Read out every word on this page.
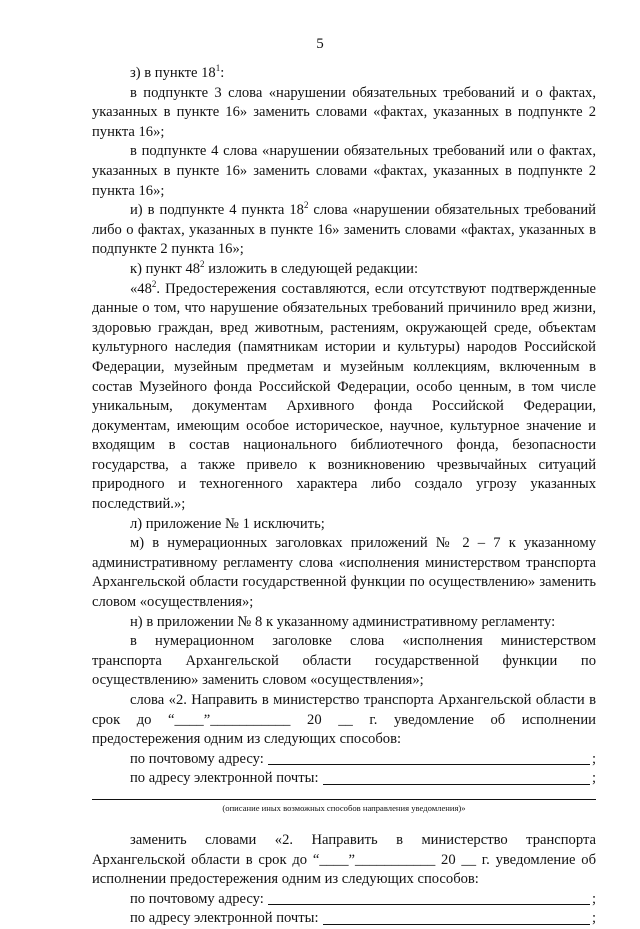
5

з) в пункте $18^1$:

в подпункте 3 слова «нарушении обязательных требований и о фактах, указанных в пункте 16» заменить словами «фактах, указанных в подпункте 2 пункта 16»;

в подпункте 4 слова «нарушении обязательных требований или о фактах, указанных в пункте 16» заменить словами «фактах, указанных в подпункте 2 пункта 16»;

и) в подпункте 4 пункта $18^2$ слова «нарушении обязательных требований либо о фактах, указанных в пункте 16» заменить словами «фактах, указанных в подпункте 2 пункта 16»;

к) пункт $48^2$ изложить в следующей редакции:

«$48^2$. Предостережения составляются, если отсутствуют подтвержденные данные о том, что нарушение обязательных требований причинило вред жизни, здоровью граждан, вред животным, растениям, окружающей среде, объектам культурного наследия (памятникам истории и культуры) народов Российской Федерации, музейным предметам и музейным коллекциям, включенным в состав Музейного фонда Российской Федерации, особо ценным, в том числе уникальным, документам Архивного фонда Российской Федерации, документам, имеющим особое историческое, научное, культурное значение и входящим в состав национального библиотечного фонда, безопасности государства, а также привело к возникновению чрезвычайных ситуаций природного и техногенного характера либо создало угрозу указанных последствий.»;

л) приложение № 1 исключить;

м) в нумерационных заголовках приложений № 2 – 7 к указанному административному регламенту слова «исполнения министерством транспорта Архангельской области государственной функции по осуществлению» заменить словом «осуществления»;

н) в приложении № 8 к указанному административному регламенту:

в нумерационном заголовке слова «исполнения министерством транспорта Архангельской области государственной функции по осуществлению» заменить словом «осуществления»;

слова «2. Направить в министерство транспорта Архангельской области в срок до “____”___________ 20 __ г. уведомление об исполнении предостережения одним из следующих способов:

по почтовому адресу:	;
по адресу электронной почты:	;
(описание иных возможных способов направления уведомления)»

заменить словами «2. Направить в министерство транспорта Архангельской области в срок до “____”___________ 20 __ г. уведомление об исполнении предостережения одним из следующих способов:

по почтовому адресу:	;
по адресу электронной почты:	;
